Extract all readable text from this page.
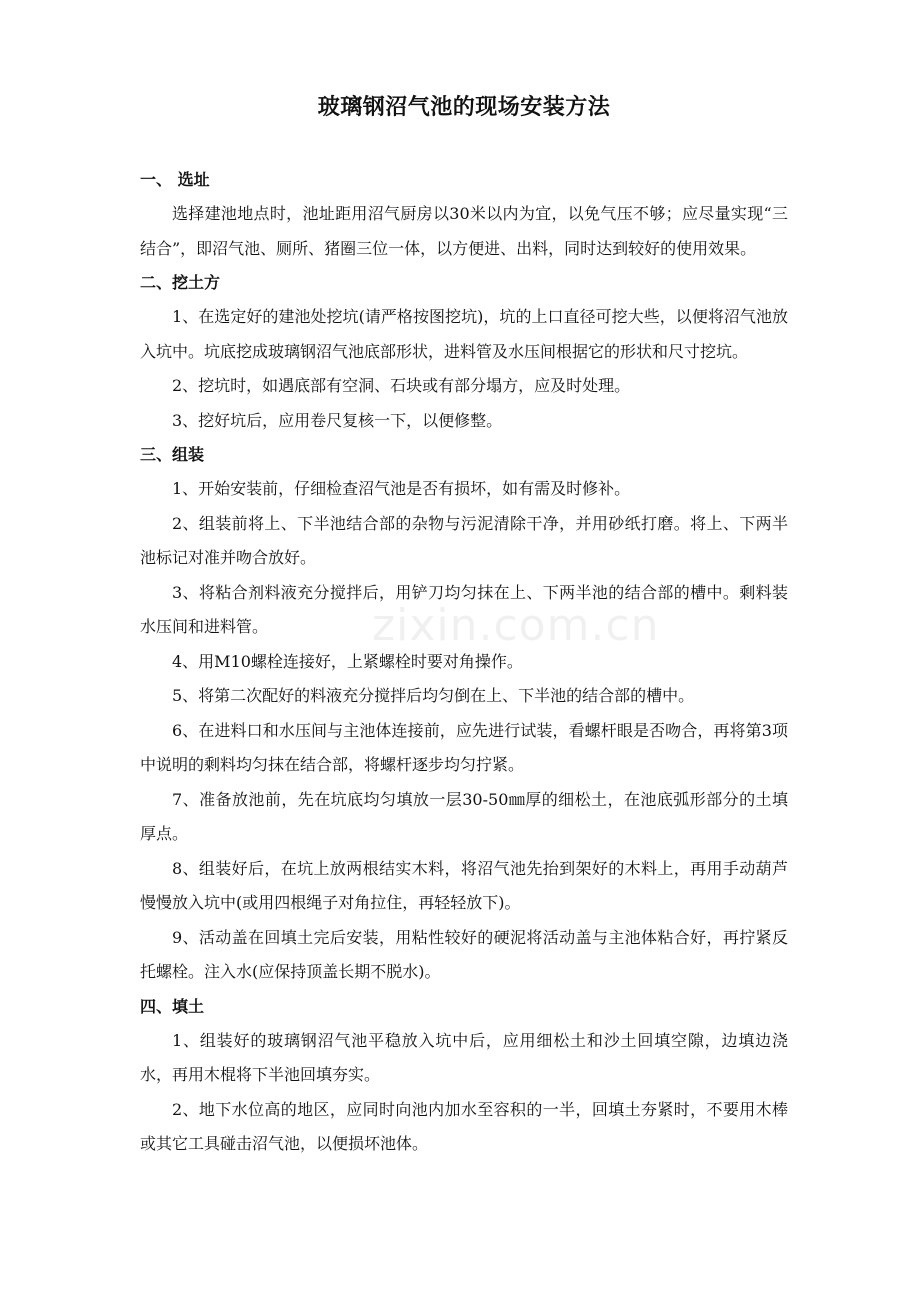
zixin.com.cn
玻璃钢沼气池的现场安装方法

一、 选址

选择建池地点时，池址距用沼气厨房以30米以内为宜，以免气压不够；应尽量实现“三结合”，即沼气池、厕所、猪圈三位一体，以方便进、出料，同时达到较好的使用效果。

二、挖土方

1、在选定好的建池处挖坑(请严格按图挖坑)，坑的上口直径可挖大些，以便将沼气池放入坑中。坑底挖成玻璃钢沼气池底部形状，进料管及水压间根据它的形状和尺寸挖坑。

2、挖坑时，如遇底部有空洞、石块或有部分塌方，应及时处理。

3、挖好坑后，应用卷尺复核一下，以便修整。

三、组装

1、开始安装前，仔细检查沼气池是否有损坏，如有需及时修补。

2、组装前将上、下半池结合部的杂物与污泥清除干净，并用砂纸打磨。将上、下两半池标记对准并吻合放好。

3、将粘合剂料液充分搅拌后，用铲刀均匀抹在上、下两半池的结合部的槽中。剩料装水压间和进料管。

4、用M10螺栓连接好，上紧螺栓时要对角操作。

5、将第二次配好的料液充分搅拌后均匀倒在上、下半池的结合部的槽中。

6、在进料口和水压间与主池体连接前，应先进行试装，看螺杆眼是否吻合，再将第3项中说明的剩料均匀抹在结合部，将螺杆逐步均匀拧紧。

7、准备放池前，先在坑底均匀填放一层30-50㎜厚的细松土，在池底弧形部分的土填厚点。

8、组装好后，在坑上放两根结实木料，将沼气池先抬到架好的木料上，再用手动葫芦慢慢放入坑中(或用四根绳子对角拉住，再轻轻放下)。

9、活动盖在回填土完后安装，用粘性较好的硬泥将活动盖与主池体粘合好，再拧紧反托螺栓。注入水(应保持顶盖长期不脱水)。

四、填土

1、组装好的玻璃钢沼气池平稳放入坑中后，应用细松土和沙土回填空隙，边填边浇水，再用木棍将下半池回填夯实。

2、地下水位高的地区，应同时向池内加水至容积的一半，回填土夯紧时，不要用木棒或其它工具碰击沼气池，以便损坏池体。
